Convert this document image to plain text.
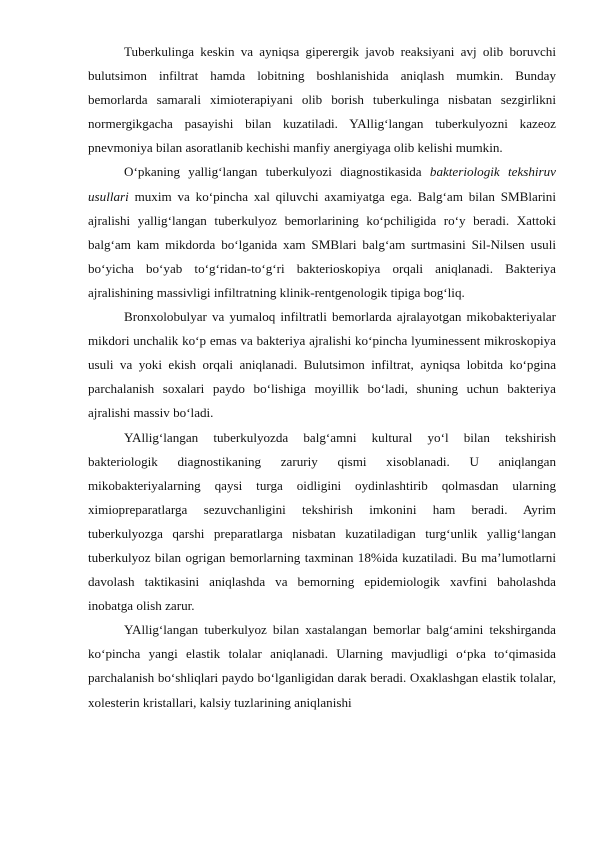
Tuberkulinga keskin va ayniqsa giperergik javob reaksiyani avj olib boruvchi bulutsimon infiltrat hamda lobitning boshlanishida aniqlash mumkin. Bunday bemorlarda samarali ximioterapiyani olib borish tuberkulinga nisbatan sezgirlikni normergikgacha pasayishi bilan kuzatiladi. YAllig‘langan tuberkulyozni kazeoz pnevmoniya bilan asoratlanib kechishi manfiy anergiyaga olib kelishi mumkin.

O‘pkaning yallig‘langan tuberkulyozi diagnostikasida bakteriologik tekshiruv usullari muxim va ko‘pincha xal qiluvchi axamiyatga ega. Balg‘am bilan SMBlarini ajralishi yallig‘langan tuberkulyoz bemorlarining ko‘pchiligida ro‘y beradi. Xattoki balg‘am kam mikdorda bo‘lganida xam SMBlari balg‘am surtmasini Sil-Nilsen usuli bo‘yicha bo‘yab to‘g‘ridan-to‘g‘ri bakterioskopiya orqali aniqlanadi. Bakteriya ajralishining massivligi infiltratning klinik-rentgenologik tipiga bog‘liq.

Bronxolobulyar va yumaloq infiltratli bemorlarda ajralayotgan mikobakteriyalar mikdori unchalik ko‘p emas va bakteriya ajralishi ko‘pincha lyuminessent mikroskopiya usuli va yoki ekish orqali aniqlanadi. Bulutsimon infiltrat, ayniqsa lobitda ko‘pgina parchalanish soxalari paydo bo‘lishiga moyillik bo‘ladi, shuning uchun bakteriya ajralishi massiv bo‘ladi.

YAllig‘langan tuberkulyozda balg‘amni kultural yo‘l bilan tekshirish bakteriologik diagnostikaning zaruriy qismi xisoblanadi. U aniqlangan mikobakteriyalarning qaysi turga oidligini oydinlashtirib qolmasdan ularning ximiopreparatlarga sezuvchanligini tekshirish imkonini ham beradi. Ayrim tuberkulyozga qarshi preparatlarga nisbatan kuzatiladigan turg‘unlik yallig‘langan tuberkulyoz bilan ogrigan bemorlarning taxminan 18%ida kuzatiladi. Bu ma’lumotlarni davolash taktikasini aniqlashda va bemorning epidemiologik xavfini baholashda inobatga olish zarur.

YAllig‘langan tuberkulyoz bilan xastalangan bemorlar balg‘amini tekshirganda ko‘pincha yangi elastik tolalar aniqlanadi. Ularning mavjudligi o‘pka to‘qimasida parchalanish bo‘shliqlari paydo bo‘lganligidan darak beradi. Oxaklashgan elastik tolalar, xolesterin kristallari, kalsiy tuzlarining aniqlanishi
